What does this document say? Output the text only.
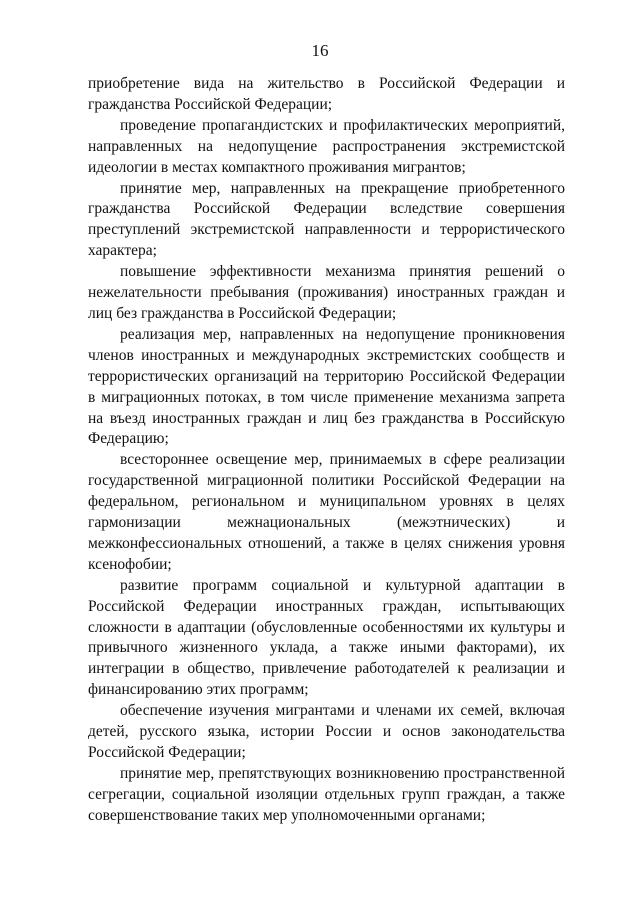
16

приобретение вида на жительство в Российской Федерации и гражданства Российской Федерации;

проведение пропагандистских и профилактических мероприятий, направленных на недопущение распространения экстремистской идеологии в местах компактного проживания мигрантов;

принятие мер, направленных на прекращение приобретенного гражданства Российской Федерации вследствие совершения преступлений экстремистской направленности и террористического характера;

повышение эффективности механизма принятия решений о нежелательности пребывания (проживания) иностранных граждан и лиц без гражданства в Российской Федерации;

реализация мер, направленных на недопущение проникновения членов иностранных и международных экстремистских сообществ и террористических организаций на территорию Российской Федерации в миграционных потоках, в том числе применение механизма запрета на въезд иностранных граждан и лиц без гражданства в Российскую Федерацию;

всестороннее освещение мер, принимаемых в сфере реализации государственной миграционной политики Российской Федерации на федеральном, региональном и муниципальном уровнях в целях гармонизации межнациональных (межэтнических) и межконфессиональных отношений, а также в целях снижения уровня ксенофобии;

развитие программ социальной и культурной адаптации в Российской Федерации иностранных граждан, испытывающих сложности в адаптации (обусловленные особенностями их культуры и привычного жизненного уклада, а также иными факторами), их интеграции в общество, привлечение работодателей к реализации и финансированию этих программ;

обеспечение изучения мигрантами и членами их семей, включая детей, русского языка, истории России и основ законодательства Российской Федерации;

принятие мер, препятствующих возникновению пространственной сегрегации, социальной изоляции отдельных групп граждан, а также совершенствование таких мер уполномоченными органами;
